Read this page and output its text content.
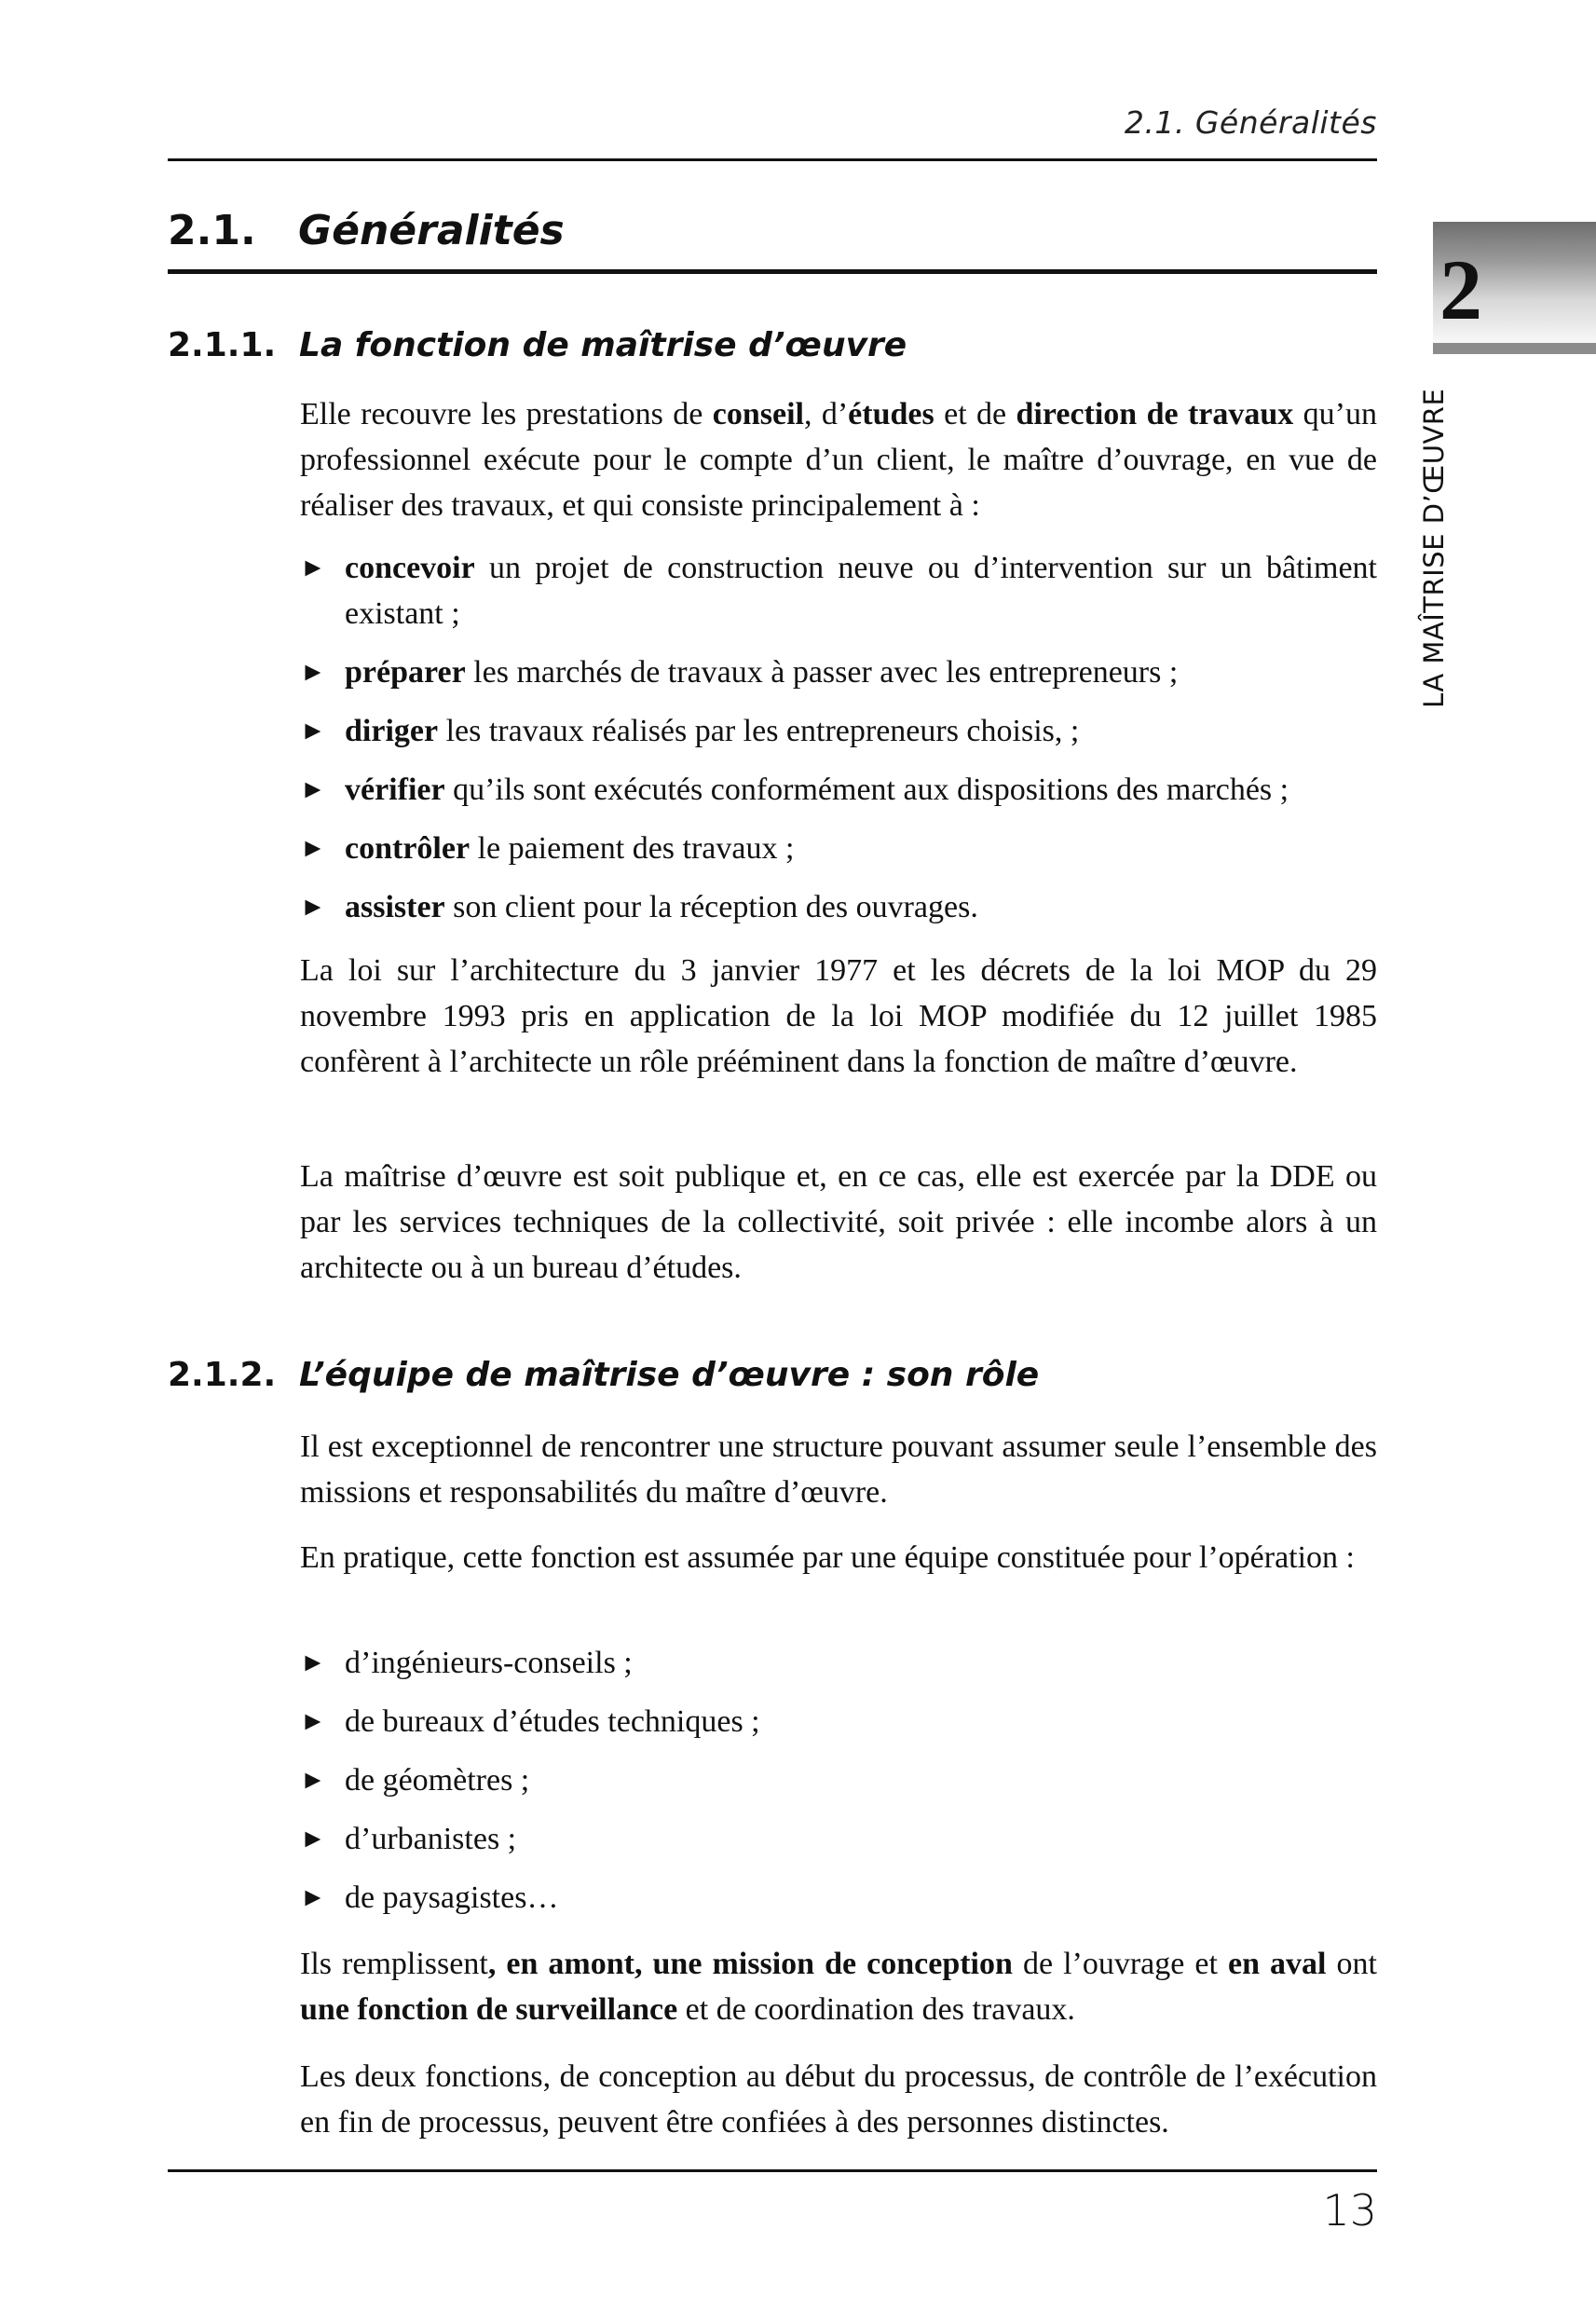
2.1. Généralités
2
LA MAÎTRISE D’ŒUVRE
2.1. Généralités
2.1.1. La fonction de maîtrise d’œuvre

Elle recouvre les prestations de conseil, d’études et de direction de travaux qu’un professionnel exécute pour le compte d’un client, le maître d’ouvrage, en vue de réaliser des travaux, et qui consiste principalement à :

► concevoir un projet de construction neuve ou d’intervention sur un bâtiment existant ;
► préparer les marchés de travaux à passer avec les entrepreneurs ;
► diriger les travaux réalisés par les entrepreneurs choisis, ;
► vérifier qu’ils sont exécutés conformément aux dispositions des marchés ;
► contrôler le paiement des travaux ;
► assister son client pour la réception des ouvrages.

La loi sur l’architecture du 3 janvier 1977 et les décrets de la loi MOP du 29 novembre 1993 pris en application de la loi MOP modifiée du 12 juillet 1985 confèrent à l’architecte un rôle prééminent dans la fonction de maître d’œuvre.

La maîtrise d’œuvre est soit publique et, en ce cas, elle est exercée par la DDE ou par les services techniques de la collectivité, soit privée : elle incombe alors à un architecte ou à un bureau d’études.

2.1.2. L’équipe de maîtrise d’œuvre : son rôle

Il est exceptionnel de rencontrer une structure pouvant assumer seule l’ensemble des missions et responsabilités du maître d’œuvre.

En pratique, cette fonction est assumée par une équipe constituée pour l’opération :

► d’ingénieurs-conseils ;
► de bureaux d’études techniques ;
► de géomètres ;
► d’urbanistes ;
► de paysagistes…

Ils remplissent, en amont, une mission de conception de l’ouvrage et en aval ont une fonction de surveillance et de coordination des travaux.

Les deux fonctions, de conception au début du processus, de contrôle de l’exécution en fin de processus, peuvent être confiées à des personnes distinctes.

13
